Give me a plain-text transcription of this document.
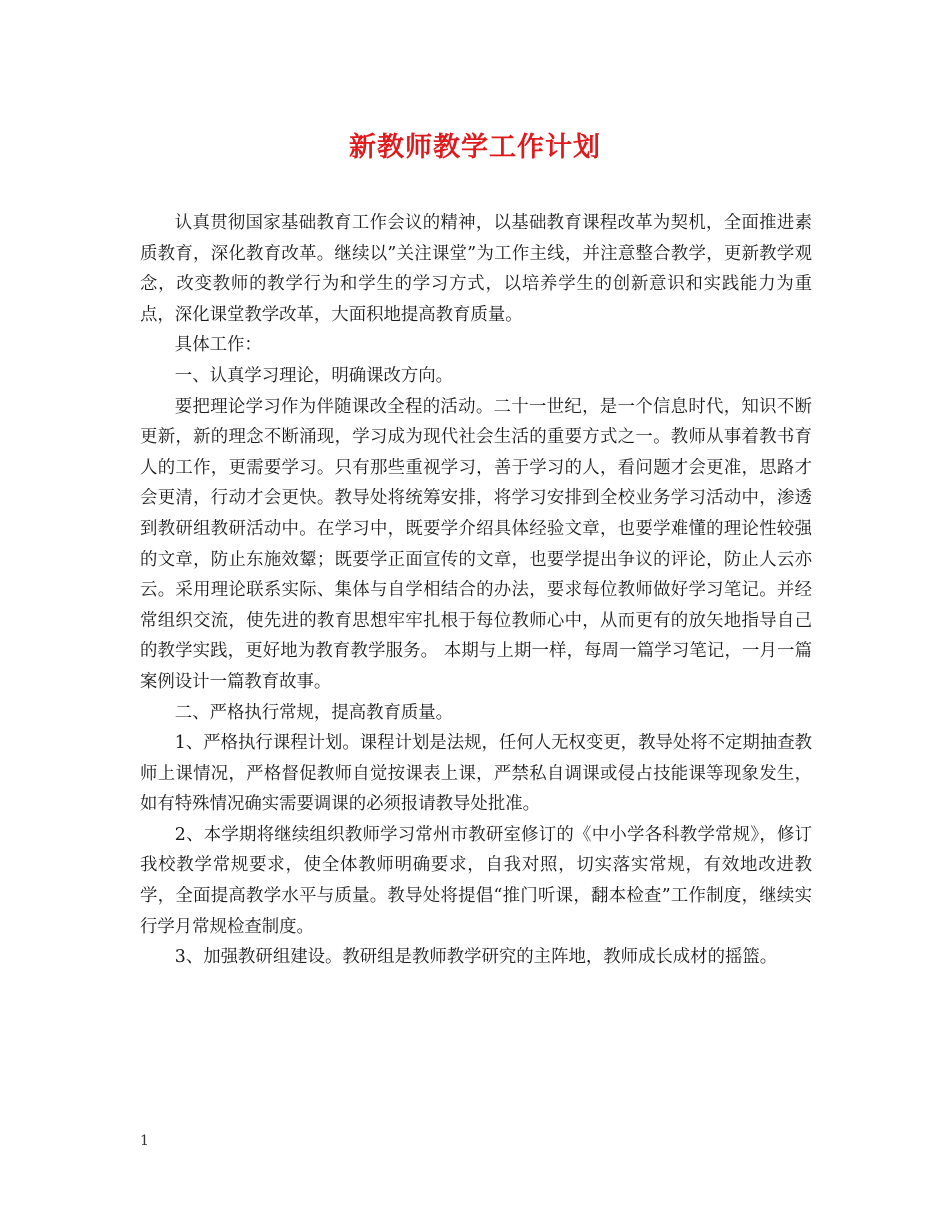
新教师教学工作计划

认真贯彻国家基础教育工作会议的精神，以基础教育课程改革为契机，全面推进素质教育，深化教育改革。继续以”关注课堂”为工作主线，并注意整合教学，更新教学观念，改变教师的教学行为和学生的学习方式，以培养学生的创新意识和实践能力为重点，深化课堂教学改革，大面积地提高教育质量。

具体工作：

一、认真学习理论，明确课改方向。

要把理论学习作为伴随课改全程的活动。二十一世纪，是一个信息时代，知识不断更新，新的理念不断涌现，学习成为现代社会生活的重要方式之一。教师从事着教书育人的工作，更需要学习。只有那些重视学习，善于学习的人，看问题才会更准，思路才会更清，行动才会更快。教导处将统筹安排，将学习安排到全校业务学习活动中，渗透到教研组教研活动中。在学习中，既要学介绍具体经验文章，也要学难懂的理论性较强的文章，防止东施效颦；既要学正面宣传的文章，也要学提出争议的评论，防止人云亦云。采用理论联系实际、集体与自学相结合的办法，要求每位教师做好学习笔记。并经常组织交流，使先进的教育思想牢牢扎根于每位教师心中，从而更有的放矢地指导自己的教学实践，更好地为教育教学服务。 本期与上期一样，每周一篇学习笔记，一月一篇案例设计一篇教育故事。

二、严格执行常规，提高教育质量。

1、严格执行课程计划。课程计划是法规，任何人无权变更，教导处将不定期抽查教师上课情况，严格督促教师自觉按课表上课，严禁私自调课或侵占技能课等现象发生，如有特殊情况确实需要调课的必须报请教导处批准。

2、本学期将继续组织教师学习常州市教研室修订的《中小学各科教学常规》，修订我校教学常规要求，使全体教师明确要求，自我对照，切实落实常规，有效地改进教学，全面提高教学水平与质量。教导处将提倡“推门听课，翻本检查”工作制度，继续实行学月常规检查制度。

3、加强教研组建设。教研组是教师教学研究的主阵地，教师成长成材的摇篮。

1
